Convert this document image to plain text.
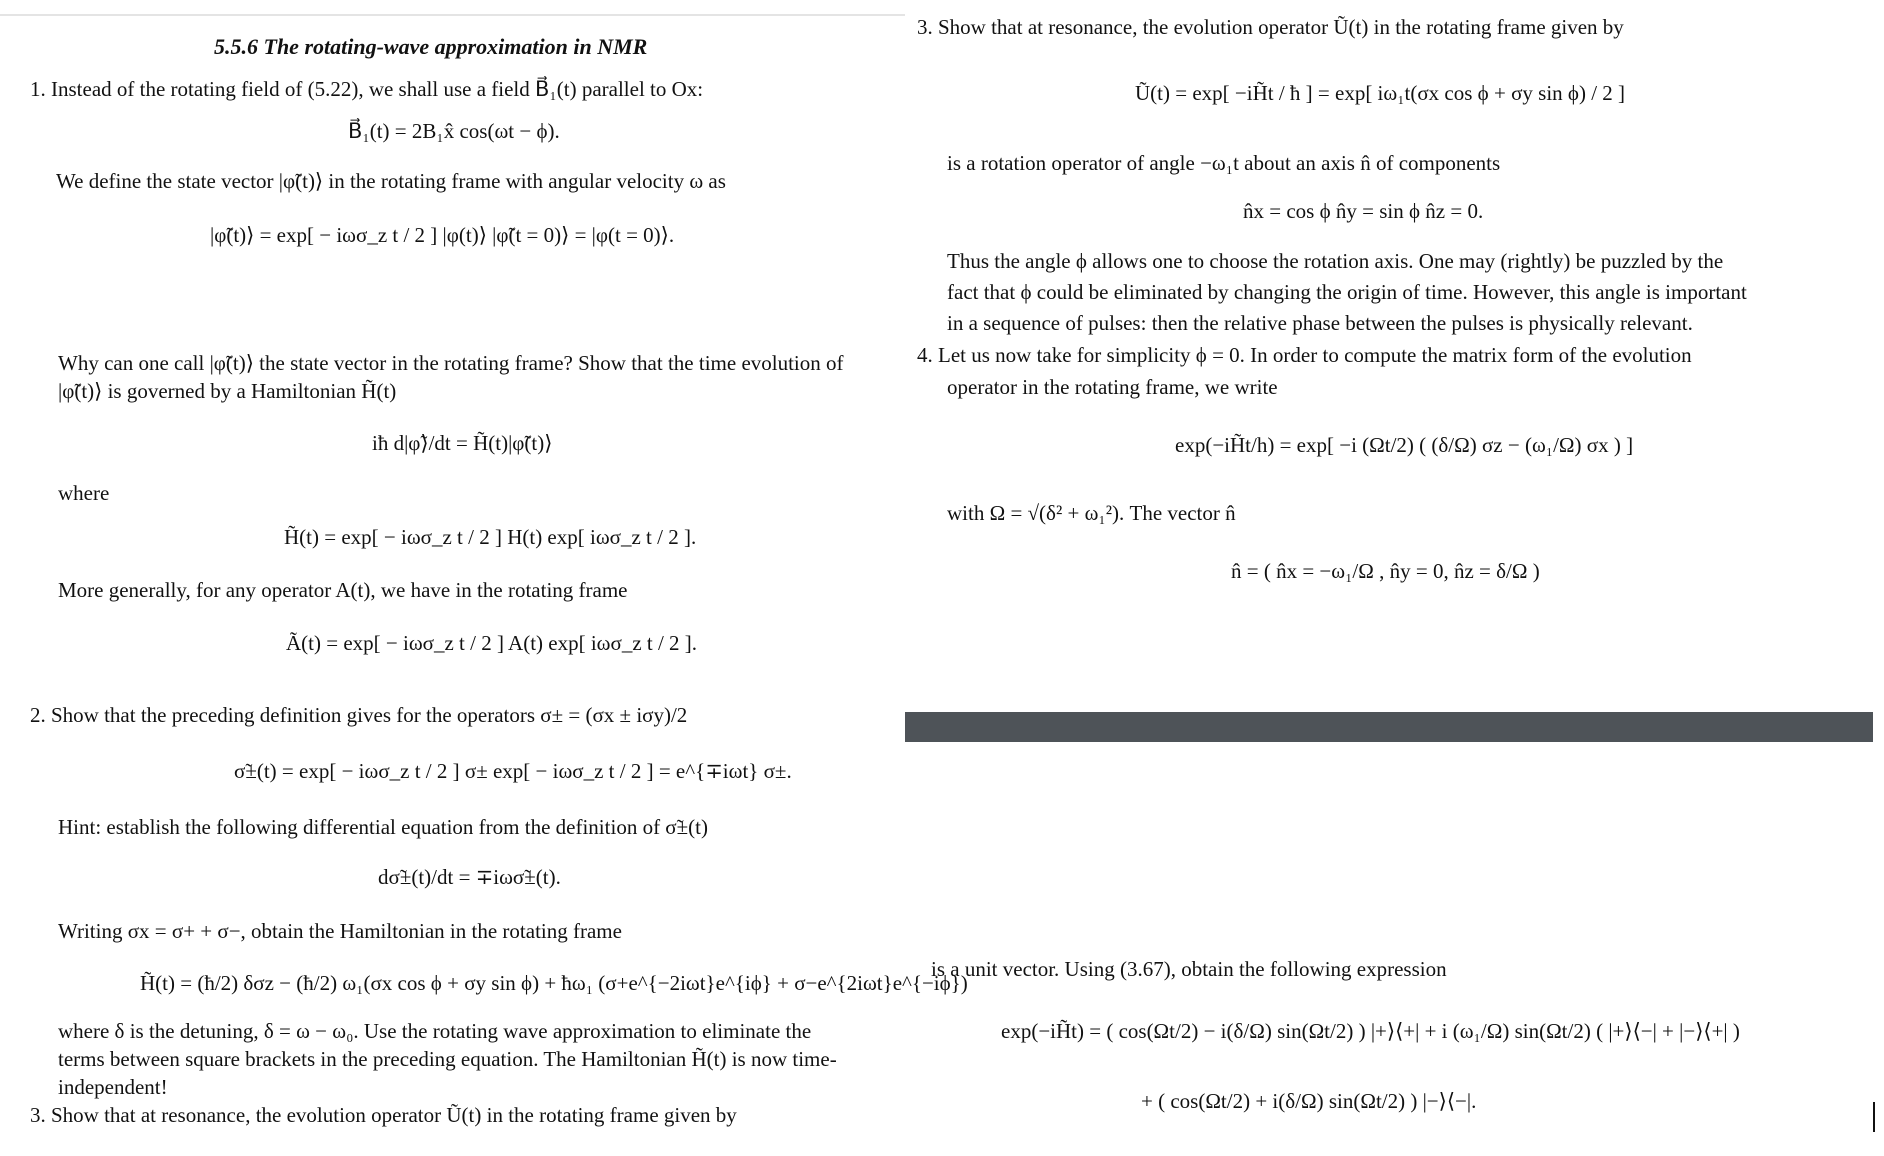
5.5.6 The rotating-wave approximation in NMR
1. Instead of the rotating field of (5.22), we shall use a field B⃗₁(t) parallel to Ox:
B⃗₁(t) = 2B₁x̂ cos(ωt − ϕ).
We define the state vector |φ̃(t)⟩ in the rotating frame with angular velocity ω as
|φ̃(t)⟩ = exp[ − iωσ_z t / 2 ] |φ(t)⟩ |φ̃(t = 0)⟩ = |φ(t = 0)⟩.
Why can one call |φ̃(t)⟩ the state vector in the rotating frame? Show that the time evolution of
|φ̃(t)⟩ is governed by a Hamiltonian H̃(t)
iħ d|φ̃⟩/dt = H̃(t)|φ̃(t)⟩
where
H̃(t) = exp[ − iωσ_z t / 2 ] H(t) exp[ iωσ_z t / 2 ].
More generally, for any operator A(t), we have in the rotating frame
Ã(t) = exp[ − iωσ_z t / 2 ] A(t) exp[ iωσ_z t / 2 ].
2. Show that the preceding definition gives for the operators σ± = (σx ± iσy)/2
σ̃±(t) = exp[ − iωσ_z t / 2 ] σ± exp[ − iωσ_z t / 2 ] = e^{∓iωt} σ±.
Hint: establish the following differential equation from the definition of σ̃±(t)
dσ̃±(t)/dt = ∓iωσ̃±(t).
Writing σx = σ+ + σ−, obtain the Hamiltonian in the rotating frame
H̃(t) = (ħ/2) δσz − (ħ/2) ω₁(σx cos ϕ + σy sin ϕ) + ħω₁ (σ+e^{−2iωt}e^{iϕ} + σ−e^{2iωt}e^{−iϕ})
where δ is the detuning, δ = ω − ω₀. Use the rotating wave approximation to eliminate the
terms between square brackets in the preceding equation. The Hamiltonian H̃(t) is now time-
independent!
3. Show that at resonance, the evolution operator Ũ(t) in the rotating frame given by
3. Show that at resonance, the evolution operator Ũ(t) in the rotating frame given by
Ũ(t) = exp[ −iH̃t / ħ ] = exp[ iω₁t(σx cos ϕ + σy sin ϕ) / 2 ]
is a rotation operator of angle −ω₁t about an axis n̂ of components
n̂x = cos ϕ n̂y = sin ϕ n̂z = 0.
Thus the angle ϕ allows one to choose the rotation axis. One may (rightly) be puzzled by the
fact that ϕ could be eliminated by changing the origin of time. However, this angle is important
in a sequence of pulses: then the relative phase between the pulses is physically relevant.
4. Let us now take for simplicity ϕ = 0. In order to compute the matrix form of the evolution
operator in the rotating frame, we write
exp(−iH̃t/h) = exp[ −i (Ωt/2) ( (δ/Ω) σz − (ω₁/Ω) σx ) ]
with Ω = √(δ² + ω₁²). The vector n̂
n̂ = ( n̂x = −ω₁/Ω , n̂y = 0, n̂z = δ/Ω )
is a unit vector. Using (3.67), obtain the following expression
exp(−iH̃t) = ( cos(Ωt/2) − i(δ/Ω) sin(Ωt/2) ) |+⟩⟨+| + i (ω₁/Ω) sin(Ωt/2) ( |+⟩⟨−| + |−⟩⟨+| )
+ ( cos(Ωt/2) + i(δ/Ω) sin(Ωt/2) ) |−⟩⟨−|.
